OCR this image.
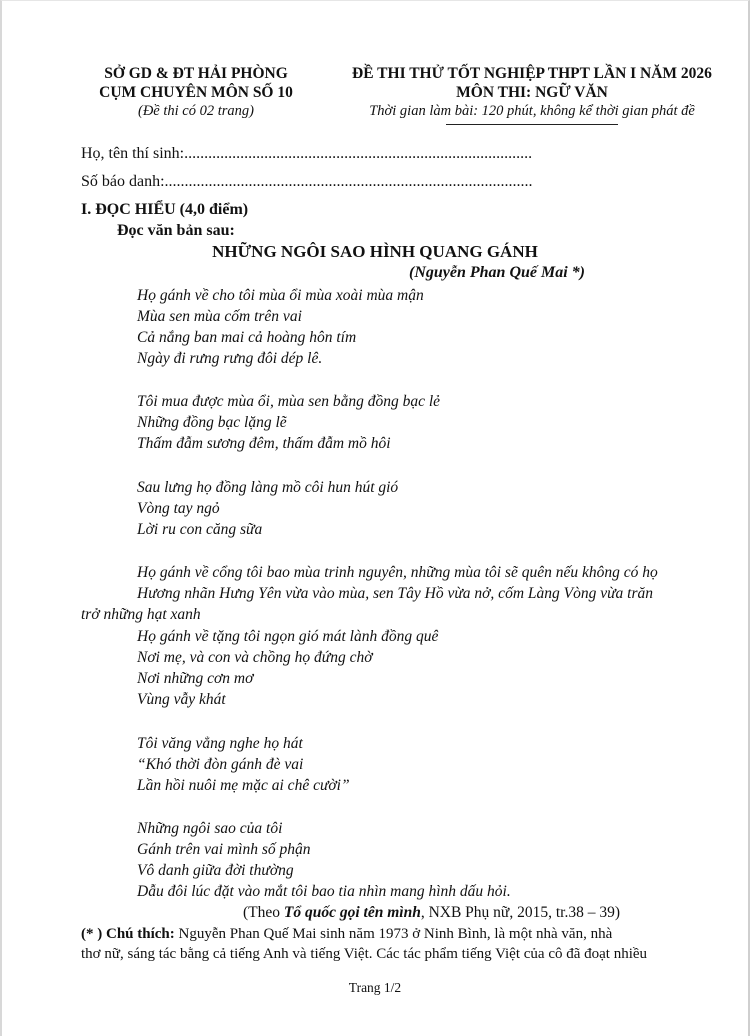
SỞ GD & ĐT HẢI PHÒNG
CỤM CHUYÊN MÔN SỐ 10
(Đề thi có 02 trang)
ĐỀ THI THỬ TỐT NGHIỆP THPT LẦN I NĂM 2026
MÔN THI: NGỮ VĂN
Thời gian làm bài: 120 phút, không kể thời gian phát đề
Họ, tên thí sinh:.......................................................................................
Số báo danh:............................................................................................
I. ĐỌC HIỂU (4,0 điểm)
Đọc văn bản sau:
NHỮNG NGÔI SAO HÌNH QUANG GÁNH
(Nguyễn Phan Quế Mai *)
Họ gánh về cho tôi mùa ổi mùa xoài mùa mận
Mùa sen mùa cốm trên vai
Cả nắng ban mai cả hoàng hôn tím
Ngày đi rưng rưng đôi dép lê.
Tôi mua được mùa ổi, mùa sen bằng đồng bạc lẻ
Những đồng bạc lặng lẽ
Thấm đẫm sương đêm, thấm đẫm mồ hôi
Sau lưng họ đồng làng mồ côi hun hút gió
Vòng tay ngỏ
Lời ru con căng sữa
Họ gánh về cổng tôi bao mùa trinh nguyên, những mùa tôi sẽ quên nếu không có họ
Hương nhãn Hưng Yên vừa vào mùa, sen Tây Hồ vừa nở, cốm Làng Vòng vừa trăn
trở những hạt xanh
Họ gánh về tặng tôi ngọn gió mát lành đồng quê
Nơi mẹ, và con và chồng họ đứng chờ
Nơi những cơn mơ
Vùng vẫy khát
Tôi văng vẳng nghe họ hát
“Khó thời đòn gánh đè vai
Lần hồi nuôi mẹ mặc ai chê cười”
Những ngôi sao của tôi
Gánh trên vai mình số phận
Vô danh giữa đời thường
Dẫu đôi lúc đặt vào mắt tôi bao tia nhìn mang hình dấu hỏi.
(Theo Tổ quốc gọi tên mình, NXB Phụ nữ, 2015, tr.38 – 39)
(* ) Chú thích: Nguyễn Phan Quế Mai sinh năm 1973 ở Ninh Bình, là một nhà văn, nhà
thơ nữ, sáng tác bằng cả tiếng Anh và tiếng Việt. Các tác phẩm tiếng Việt của cô đã đoạt nhiều
Trang 1/2
